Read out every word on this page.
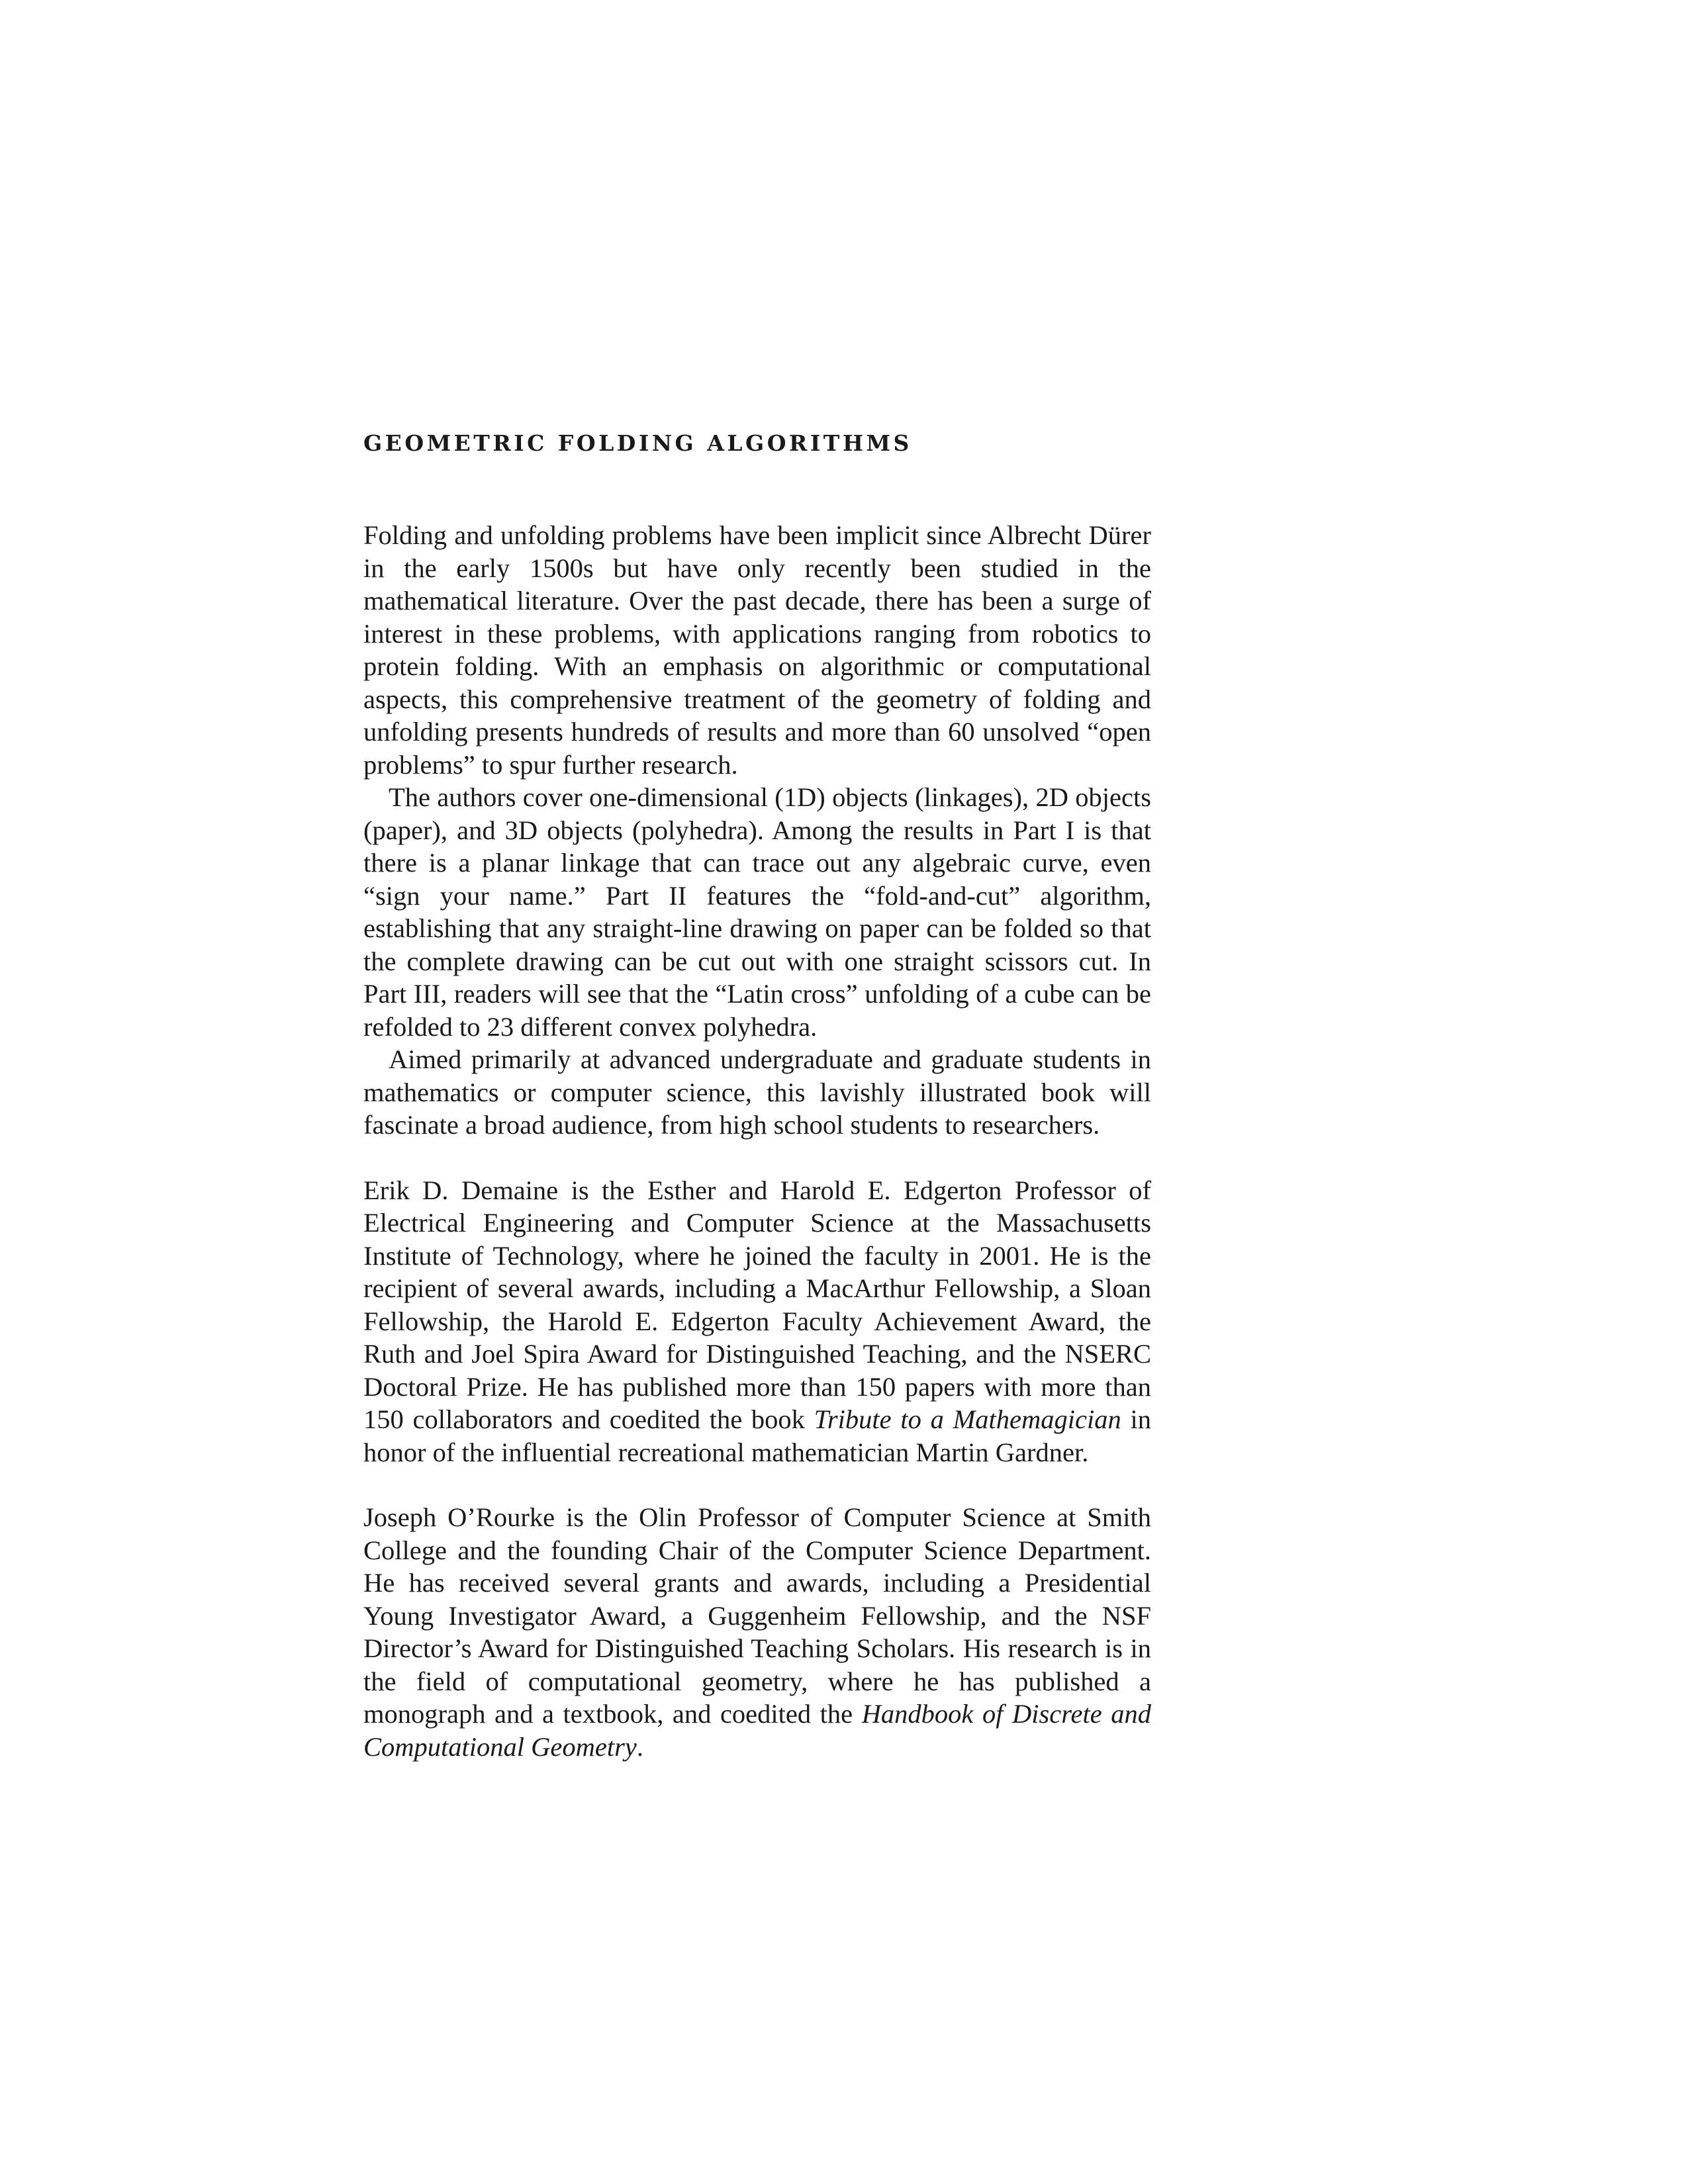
GEOMETRIC FOLDING ALGORITHMS

Folding and unfolding problems have been implicit since Albrecht Dürer in the early 1500s but have only recently been studied in the mathematical literature. Over the past decade, there has been a surge of interest in these problems, with applications ranging from robotics to protein folding. With an emphasis on algorithmic or computational aspects, this comprehensive treatment of the geometry of folding and unfolding presents hundreds of results and more than 60 unsolved “open problems” to spur further research.

The authors cover one-dimensional (1D) objects (linkages), 2D objects (paper), and 3D objects (polyhedra). Among the results in Part I is that there is a planar linkage that can trace out any algebraic curve, even “sign your name.” Part II features the “fold-and-cut” algorithm, establishing that any straight-line drawing on paper can be folded so that the complete drawing can be cut out with one straight scissors cut. In Part III, readers will see that the “Latin cross” unfolding of a cube can be refolded to 23 different convex polyhedra.

Aimed primarily at advanced undergraduate and graduate students in mathematics or computer science, this lavishly illustrated book will fascinate a broad audience, from high school students to researchers.

Erik D. Demaine is the Esther and Harold E. Edgerton Professor of Electrical Engineering and Computer Science at the Massachusetts Institute of Technology, where he joined the faculty in 2001. He is the recipient of several awards, including a MacArthur Fellowship, a Sloan Fellowship, the Harold E. Edgerton Faculty Achievement Award, the Ruth and Joel Spira Award for Distinguished Teaching, and the NSERC Doctoral Prize. He has published more than 150 papers with more than 150 collaborators and coedited the book Tribute to a Mathemagician in honor of the influential recreational mathematician Martin Gardner.

Joseph O’Rourke is the Olin Professor of Computer Science at Smith College and the founding Chair of the Computer Science Department. He has received several grants and awards, including a Presidential Young Investigator Award, a Guggenheim Fellowship, and the NSF Director’s Award for Distinguished Teaching Scholars. His research is in the field of computational geometry, where he has published a monograph and a textbook, and coedited the Handbook of Discrete and Computational Geometry.
